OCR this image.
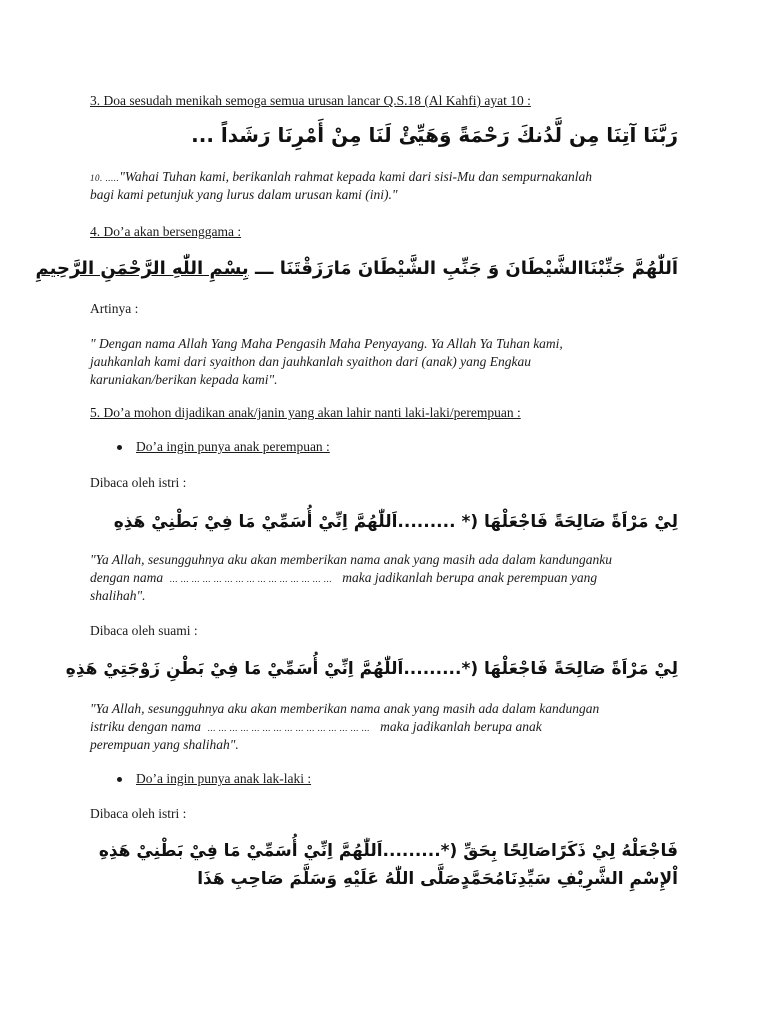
3. Doa sesudah menikah semoga semua urusan lancar Q.S.18 (Al Kahfi) ayat 10 :
رَبَّنَا آتِنَا مِن لَّدُنكَ رَحْمَةً وَهَيِّئْ لَنَا مِنْ أَمْرِنَا رَشَداً ...
10. ....."Wahai Tuhan kami, berikanlah rahmat kepada kami dari sisi-Mu dan sempurnakanlah
bagi kami petunjuk yang lurus dalam urusan kami (ini)."
4. Do’a akan bersenggama :
اَللّٰهُمَّ جَنِّبْنَاالشَّيْطَانَ وَ جَنِّبِ الشَّيْطَانَ مَارَزَقْتَنَا ـــ بِسْمِ اللّٰهِ الرَّحْمَنِ الرَّحِيمِ
Artinya :
" Dengan nama Allah Yang Maha Pengasih Maha Penyayang. Ya Allah Ya Tuhan kami,
jauhkanlah kami dari syaithon dan jauhkanlah syaithon dari (anak) yang Engkau
karuniakan/berikan kepada kami".
5. Do’a mohon dijadikan anak/janin yang akan lahir nanti laki-laki/perempuan :
Do’a ingin punya anak perempuan :
Dibaca oleh istri :
لِيْ مَرْاَةً صَالِحَةً فَاجْعَلْهَا (* .........اَللّٰهُمَّ اِنِّيْ أُسَمِّيْ مَا فِيْ بَطْنِيْ هَذِهِ
"Ya Allah, sesungguhnya aku akan memberikan nama anak yang masih ada dalam kandunganku
dengan nama ... ... ... ... ... ... ... ... ... ... ... ... ... ... ... maka jadikanlah berupa anak perempuan yang
shalihah".
Dibaca oleh suami :
لِيْ مَرْاَةً صَالِحَةً فَاجْعَلْهَا (*.........اَللّٰهُمَّ اِنِّيْ أُسَمِّيْ مَا فِيْ بَطْنِ زَوْجَتِيْ هَذِهِ
"Ya Allah, sesungguhnya aku akan memberikan nama anak yang masih ada dalam kandungan
istriku dengan nama ... ... ... ... ... ... ... ... ... ... ... ... ... ... ... maka jadikanlah berupa anak
perempuan yang shalihah".
Do’a ingin punya anak lak-laki :
Dibaca oleh istri :
فَاجْعَلْهُ لِيْ ذَكَرًاصَالِحًا بِحَقِّ (*.........اَللّٰهُمَّ اِنِّيْ أُسَمِّيْ مَا فِيْ بَطْنِيْ هَذِهِ
اْلإِسْمِ الشَّرِيْفِ سَيِّدِنَامُحَمَّدٍصَلَّى اللّٰهُ عَلَيْهِ وَسَلَّمَ صَاحِبِ هَذَا
